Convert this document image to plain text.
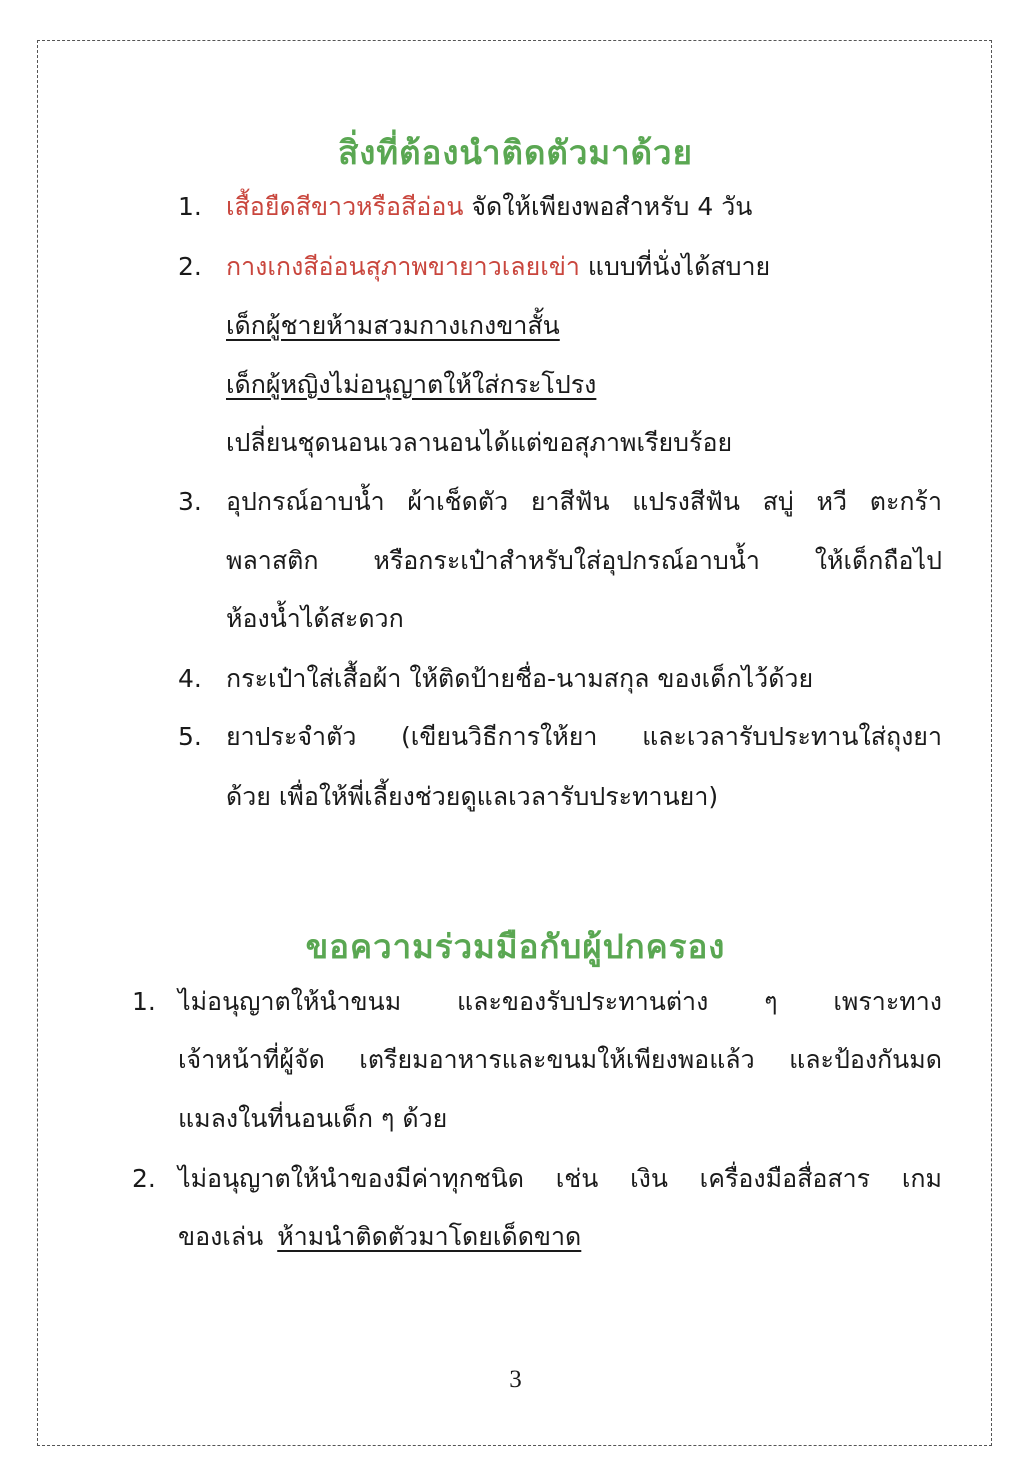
สิ่งที่ต้องนำติดตัวมาด้วย
1. เสื้อยืดสีขาวหรือสีอ่อน จัดให้เพียงพอสำหรับ 4 วัน
2. กางเกงสีอ่อนสุภาพขายาวเลยเข่า แบบที่นั่งได้สบาย
เด็กผู้ชายห้ามสวมกางเกงขาสั้น
เด็กผู้หญิงไม่อนุญาตให้ใส่กระโปรง
เปลี่ยนชุดนอนเวลานอนได้แต่ขอสุภาพเรียบร้อย
3. อุปกรณ์อาบน้ำ ผ้าเช็ดตัว ยาสีฟัน แปรงสีฟัน สบู่ หวี ตะกร้า
พลาสติก หรือกระเป๋าสำหรับใส่อุปกรณ์อาบน้ำ ให้เด็กถือไป
ห้องน้ำได้สะดวก
4. กระเป๋าใส่เสื้อผ้า ให้ติดป้ายชื่อ-นามสกุล ของเด็กไว้ด้วย
5. ยาประจำตัว (เขียนวิธีการให้ยา และเวลารับประทานใส่ถุงยา
ด้วย เพื่อให้พี่เลี้ยงช่วยดูแลเวลารับประทานยา)
ขอความร่วมมือกับผู้ปกครอง
1. ไม่อนุญาตให้นำขนม และของรับประทานต่าง ๆ เพราะทาง
เจ้าหน้าที่ผู้จัด เตรียมอาหารและขนมให้เพียงพอแล้ว และป้องกันมด
แมลงในที่นอนเด็ก ๆ ด้วย
2. ไม่อนุญาตให้นำของมีค่าทุกชนิด เช่น เงิน เครื่องมือสื่อสาร เกม
ของเล่น ห้ามนำติดตัวมาโดยเด็ดขาด
3
